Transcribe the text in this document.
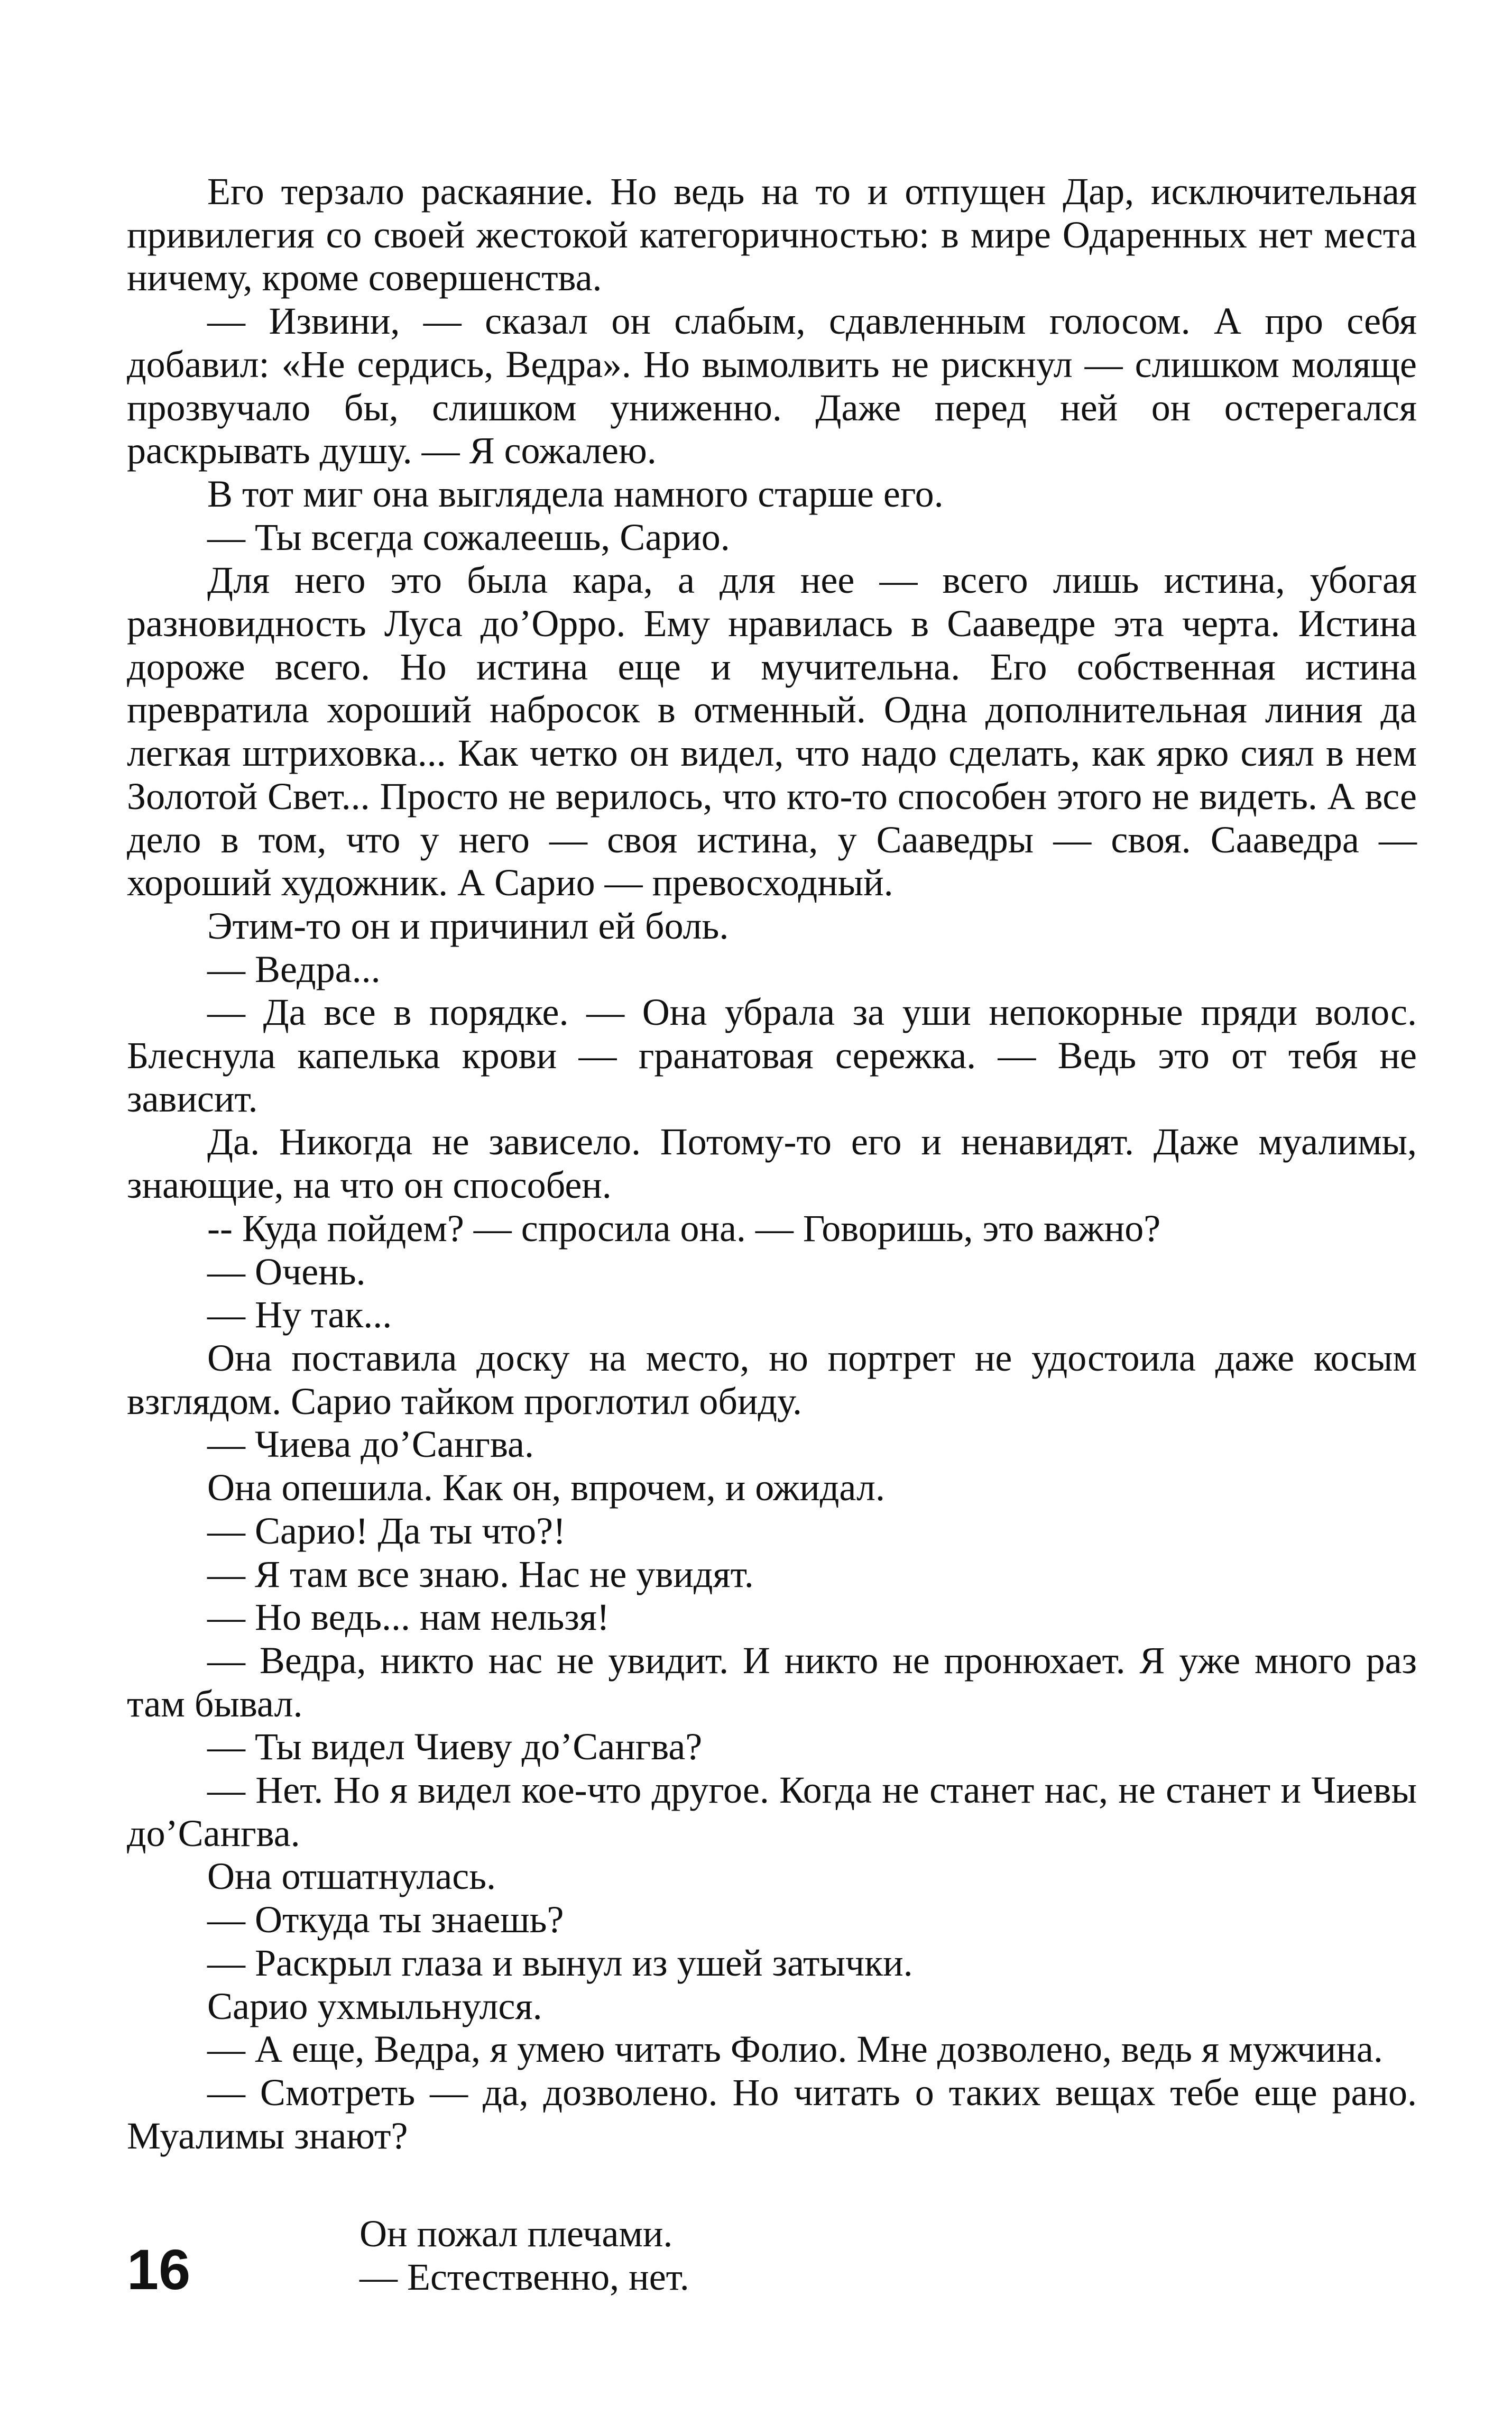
Его терзало раскаяние. Но ведь на то и отпущен Дар, исключительная привилегия со своей жестокой категоричностью: в мире Одаренных нет места ничему, кроме совершенства.

— Извини, — сказал он слабым, сдавленным голосом. А про себя добавил: «Не сердись, Ведра». Но вымолвить не рискнул — слишком моляще прозвучало бы, слишком униженно. Даже перед ней он остерегался раскрывать душу. — Я сожалею.

В тот миг она выглядела намного старше его.

— Ты всегда сожалеешь, Сарио.

Для него это была кара, а для нее — всего лишь истина, убогая разновидность Луса до’Орро. Ему нравилась в Сааведре эта черта. Истина дороже всего. Но истина еще и мучительна. Его собственная истина превратила хороший набросок в отменный. Одна дополнительная линия да легкая штриховка... Как четко он видел, что надо сделать, как ярко сиял в нем Золотой Свет... Просто не верилось, что кто-то способен этого не видеть. А все дело в том, что у него — своя истина, у Сааведры — своя. Сааведра — хороший художник. А Сарио — превосходный.

Этим-то он и причинил ей боль.

— Ведра...

— Да все в порядке. — Она убрала за уши непокорные пряди волос. Блеснула капелька крови — гранатовая сережка. — Ведь это от тебя не зависит.

Да. Никогда не зависело. Потому-то его и ненавидят. Даже муалимы, знающие, на что он способен.

-- Куда пойдем? — спросила она. — Говоришь, это важно?

— Очень.

— Ну так...

Она поставила доску на место, но портрет не удостоила даже косым взглядом. Сарио тайком проглотил обиду.

— Чиева до’Сангва.

Она опешила. Как он, впрочем, и ожидал.

— Сарио! Да ты что?!

— Я там все знаю. Нас не увидят.

— Но ведь... нам нельзя!

— Ведра, никто нас не увидит. И никто не пронюхает. Я уже много раз там бывал.

— Ты видел Чиеву до’Сангва?

— Нет. Но я видел кое-что другое. Когда не станет нас, не станет и Чиевы до’Сангва.

Она отшатнулась.

— Откуда ты знаешь?

— Раскрыл глаза и вынул из ушей затычки.

Сарио ухмыльнулся.

— А еще, Ведра, я умею читать Фолио. Мне дозволено, ведь я мужчина.

— Смотреть — да, дозволено. Но читать о таких вещах тебе еще рано. Муалимы знают?

Он пожал плечами.
— Естественно, нет.
16
